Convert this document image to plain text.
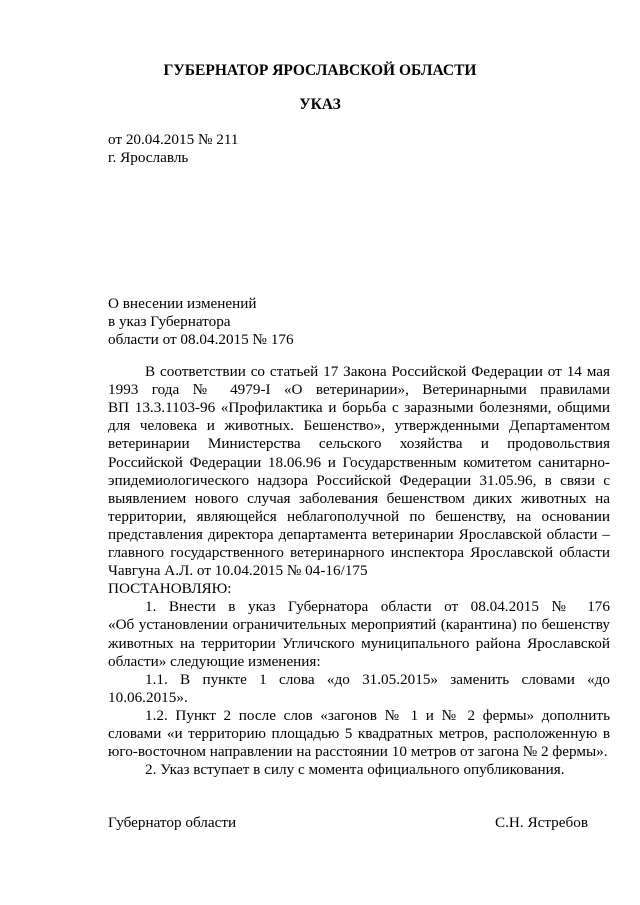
ГУБЕРНАТОР ЯРОСЛАВСКОЙ ОБЛАСТИ
УКАЗ
от 20.04.2015 № 211
г. Ярославль
О внесении изменений
в указ Губернатора
области от 08.04.2015 № 176
В соответствии со статьей 17 Закона Российской Федерации от 14 мая
1993 года № 4979-I «О ветеринарии», Ветеринарными правилами
ВП 13.3.1103-96 «Профилактика и борьба с заразными болезнями, общими
для человека и животных. Бешенство», утвержденными Департаментом
ветеринарии Министерства сельского хозяйства и продовольствия
Российской Федерации 18.06.96 и Государственным комитетом санитарно-
эпидемиологического надзора Российской Федерации 31.05.96, в связи с
выявлением нового случая заболевания бешенством диких животных на
территории, являющейся неблагополучной по бешенству, на основании
представления директора департамента ветеринарии Ярославской области –
главного государственного ветеринарного инспектора Ярославской области
Чавгуна А.Л. от 10.04.2015 № 04-16/175
ПОСТАНОВЛЯЮ:
1. Внести в указ Губернатора области от 08.04.2015 № 176
«Об установлении ограничительных мероприятий (карантина) по бешенству
животных на территории Угличского муниципального района Ярославской
области» следующие изменения:
1.1. В пункте 1 слова «до 31.05.2015» заменить словами «до
10.06.2015».
1.2. Пункт 2 после слов «загонов № 1 и № 2 фермы» дополнить
словами «и территорию площадью 5 квадратных метров, расположенную в
юго-восточном направлении на расстоянии 10 метров от загона № 2 фермы».
2. Указ вступает в силу с момента официального опубликования.
Губернатор области	С.Н. Ястребов
